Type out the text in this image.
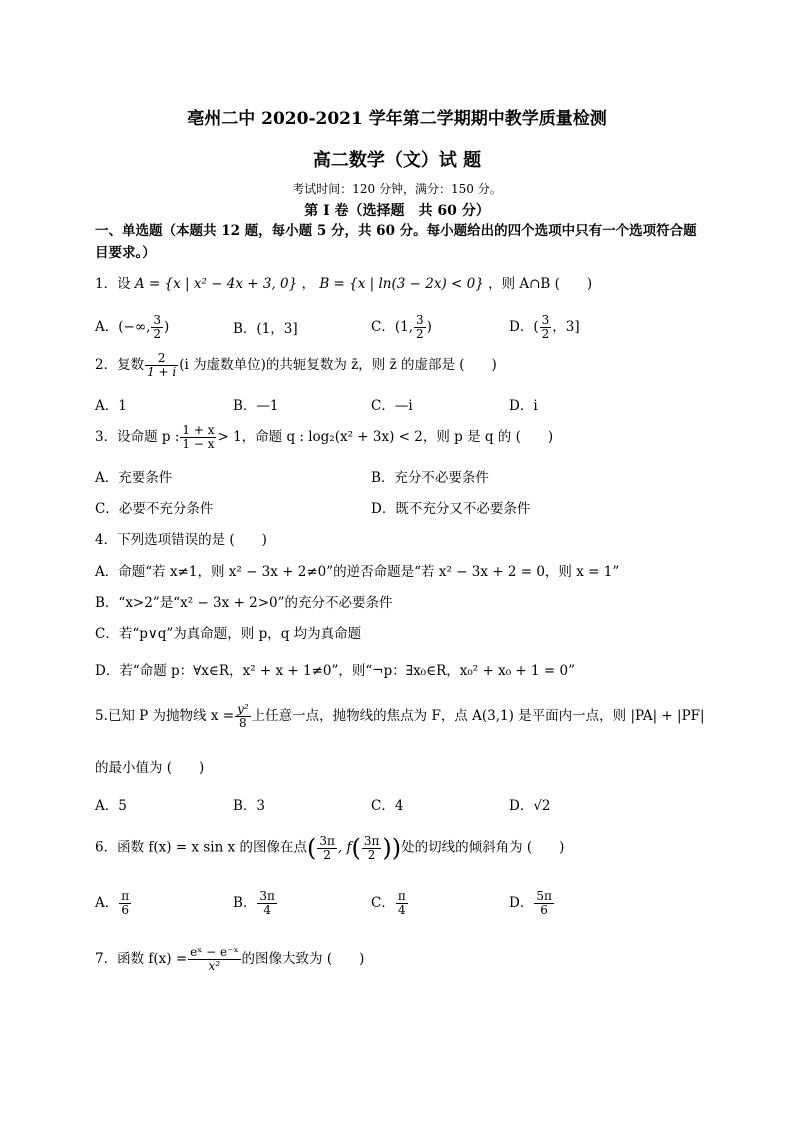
亳州二中 2020-2021 学年第二学期期中教学质量检测
高二数学（文）试 题
考试时间：120 分钟，满分：150 分。
第 I 卷（选择题　共 60 分）
一、单选题（本题共 12 题，每小题 5 分，共 60 分。每小题给出的四个选项中只有一个选项符合题目要求。）
1．设 A = {x | x² − 4x + 3, 0} ， B = {x | ln(3 − 2x) < 0} ，则 A∩B (　　)
A．(−∞, $\frac{3}{2}$ )	B．(1，3]	C．(1, $\frac{3}{2}$ )	D．( $\frac{3}{2}$ ，3]
2．复数 $\frac{2}{1 + i} (i$ 为虚数单位)的共轭复数为 z̄，则 z̄ 的虚部是 (　　)
A．1	B．—1	C．—i	D．i
3．设命题 p : $\frac{1 + x}{1 - x} > 1$，命题 q : log₂(x² + 3x) < 2，则 p 是 q 的 (　　)
A．充要条件	B．充分不必要条件
C．必要不充分条件	D．既不充分又不必要条件
4．下列选项错误的是 (　　)
A．命题“若 x≠1，则 x² − 3x + 2≠0”的逆否命题是“若 x² − 3x + 2 = 0，则 x = 1”
B．“x>2”是“x² − 3x + 2>0”的充分不必要条件
C．若“p∨q”为真命题，则 p，q 均为真命题
D．若“命题 p：∀x∈R，x² + x + 1≠0”，则“¬p：∃x₀∈R，x₀² + x₀ + 1 = 0”
5.已知 P 为抛物线 $x = \frac{\text{y²}}{8}$ 上任意一点，抛物线的焦点为 F，点 A(3,1) 是平面内一点，则 |PA| + |PF|
的最小值为 (　　)
A．5	B．3	C．4	D．√2
6．函数 f(x) = x sin x 的图像在点( $\frac{3\pi}{2}$ , $f( \frac{3\pi}{2}$ ))处的切线的倾斜角为 (　　)
A． $\frac{\pi}{6}$	B． $\frac{3\pi}{4}$	C． $\frac{\pi}{4}$	D． $\frac{5\pi}{6}$
7．函数 $f(x) = \frac{\text{eˣ − e⁻ˣ}}{\text{x²}}$ 的图像大致为 (　　)
